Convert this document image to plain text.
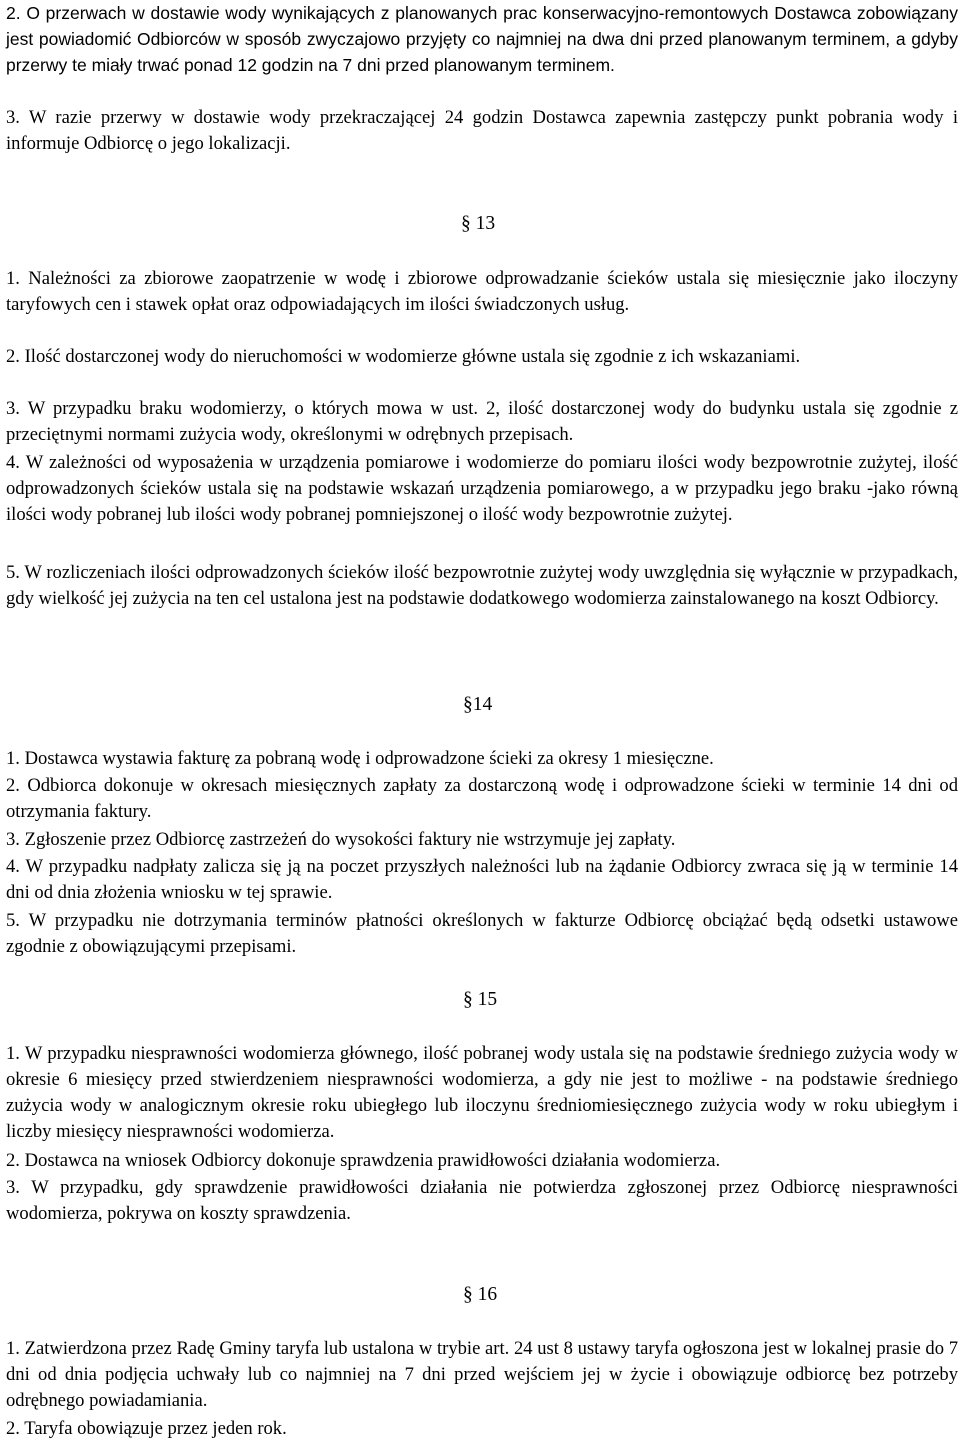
2. O przerwach w dostawie wody wynikających z planowanych prac konserwacyjno-remontowych Dostawca zobowiązany jest powiadomić Odbiorców w sposób zwyczajowo przyjęty co najmniej na dwa dni przed planowanym terminem, a gdyby przerwy te miały trwać ponad 12 godzin na 7 dni przed planowanym terminem.

3. W razie przerwy w dostawie wody przekraczającej 24 godzin Dostawca zapewnia zastępczy punkt pobrania wody i informuje Odbiorcę o jego lokalizacji.

§ 13

1. Należności za zbiorowe zaopatrzenie w wodę i zbiorowe odprowadzanie ścieków ustala się miesięcznie jako iloczyny taryfowych cen i stawek opłat oraz odpowiadających im ilości świadczonych usług.

2. Ilość dostarczonej wody do nieruchomości w wodomierze główne ustala się zgodnie z ich wskazaniami.

3. W przypadku braku wodomierzy, o których mowa w ust. 2, ilość dostarczonej wody do budynku ustala się zgodnie z przeciętnymi normami zużycia wody, określonymi w odrębnych przepisach.

4. W zależności od wyposażenia w urządzenia pomiarowe i wodomierze do pomiaru ilości wody bezpowrotnie zużytej, ilość odprowadzonych ścieków ustala się na podstawie wskazań urządzenia pomiarowego, a w przypadku jego braku -jako równą ilości wody pobranej lub ilości wody pobranej pomniejszonej o ilość wody bezpowrotnie zużytej.

5. W rozliczeniach ilości odprowadzonych ścieków ilość bezpowrotnie zużytej wody uwzględnia się wyłącznie w przypadkach, gdy wielkość jej zużycia na ten cel ustalona jest na podstawie dodatkowego wodomierza zainstalowanego na koszt Odbiorcy.

§14

1. Dostawca wystawia fakturę za pobraną wodę i odprowadzone ścieki za okresy 1 miesięczne.

2. Odbiorca dokonuje w okresach miesięcznych zapłaty za dostarczoną wodę i odprowadzone ścieki w terminie 14 dni od otrzymania faktury.

3. Zgłoszenie przez Odbiorcę zastrzeżeń do wysokości faktury nie wstrzymuje jej zapłaty.

4. W przypadku nadpłaty zalicza się ją na poczet przyszłych należności lub na żądanie Odbiorcy zwraca się ją w terminie 14 dni od dnia złożenia wniosku w tej sprawie.

5. W przypadku nie dotrzymania terminów płatności określonych w fakturze Odbiorcę obciążać będą odsetki ustawowe zgodnie z obowiązującymi przepisami.

§ 15

1. W przypadku niesprawności wodomierza głównego, ilość pobranej wody ustala się na podstawie średniego zużycia wody w okresie 6 miesięcy przed stwierdzeniem niesprawności wodomierza, a gdy nie jest to możliwe - na podstawie średniego zużycia wody w analogicznym okresie roku ubiegłego lub iloczynu średniomiesięcznego zużycia wody w roku ubiegłym i liczby miesięcy niesprawności wodomierza.

2. Dostawca na wniosek Odbiorcy dokonuje sprawdzenia prawidłowości działania wodomierza.

3. W przypadku, gdy sprawdzenie prawidłowości działania nie potwierdza zgłoszonej przez Odbiorcę niesprawności wodomierza, pokrywa on koszty sprawdzenia.

§ 16

1. Zatwierdzona przez Radę Gminy taryfa lub ustalona w trybie art. 24 ust 8 ustawy taryfa ogłoszona jest w lokalnej prasie do 7 dni od dnia podjęcia uchwały lub co najmniej na 7 dni przed wejściem jej w życie i obowiązuje odbiorcę bez potrzeby odrębnego powiadamiania.

2. Taryfa obowiązuje przez jeden rok.
